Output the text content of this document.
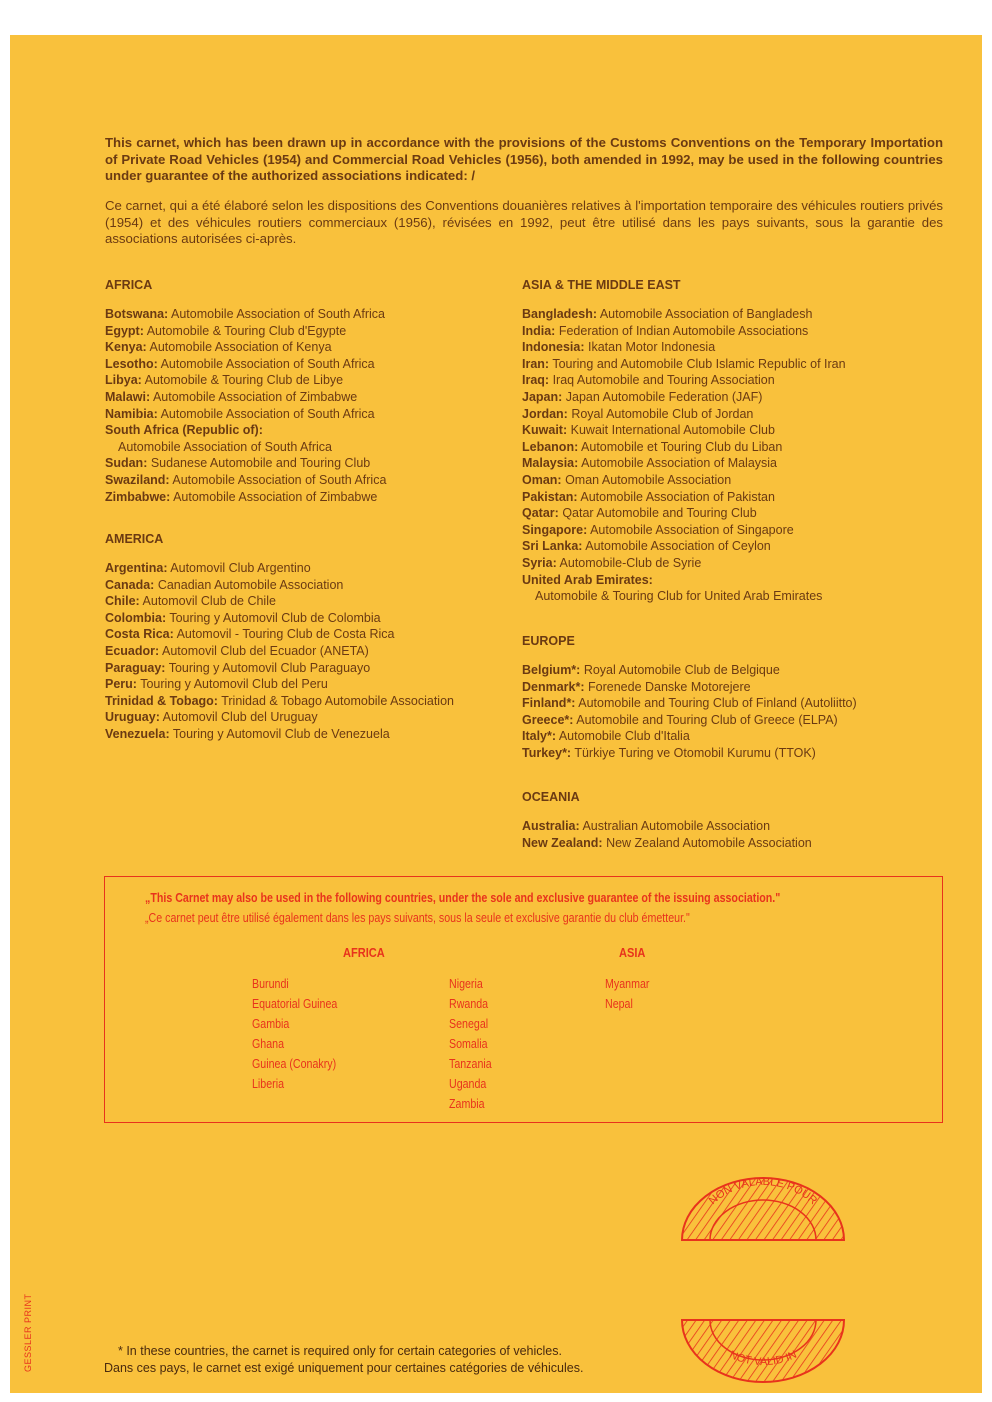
This carnet, which has been drawn up in accordance with the provisions of the Customs Conventions on the Temporary Importation of Private Road Vehicles (1954) and Commercial Road Vehicles (1956), both amended in 1992, may be used in the following countries under guarantee of the authorized associations indicated: /

Ce carnet, qui a été élaboré selon les dispositions des Conventions douanières relatives à l'importation temporaire des véhicules routiers privés (1954) et des véhicules routiers commerciaux (1956), révisées en 1992, peut être utilisé dans les pays suivants, sous la garantie des associations autorisées ci-après.

AFRICA
Botswana: Automobile Association of South Africa
Egypt: Automobile & Touring Club d'Egypte
Kenya: Automobile Association of Kenya
Lesotho: Automobile Association of South Africa
Libya: Automobile & Touring Club de Libye
Malawi: Automobile Association of Zimbabwe
Namibia: Automobile Association of South Africa
South Africa (Republic of):
Automobile Association of South Africa
Sudan: Sudanese Automobile and Touring Club
Swaziland: Automobile Association of South Africa
Zimbabwe: Automobile Association of Zimbabwe
AMERICA
Argentina: Automovil Club Argentino
Canada: Canadian Automobile Association
Chile: Automovil Club de Chile
Colombia: Touring y Automovil Club de Colombia
Costa Rica: Automovil - Touring Club de Costa Rica
Ecuador: Automovil Club del Ecuador (ANETA)
Paraguay: Touring y Automovil Club Paraguayo
Peru: Touring y Automovil Club del Peru
Trinidad & Tobago: Trinidad & Tobago Automobile Association
Uruguay: Automovil Club del Uruguay
Venezuela: Touring y Automovil Club de Venezuela
ASIA & THE MIDDLE EAST
Bangladesh: Automobile Association of Bangladesh
India: Federation of Indian Automobile Associations
Indonesia: Ikatan Motor Indonesia
Iran: Touring and Automobile Club Islamic Republic of Iran
Iraq: Iraq Automobile and Touring Association
Japan: Japan Automobile Federation (JAF)
Jordan: Royal Automobile Club of Jordan
Kuwait: Kuwait International Automobile Club
Lebanon: Automobile et Touring Club du Liban
Malaysia: Automobile Association of Malaysia
Oman: Oman Automobile Association
Pakistan: Automobile Association of Pakistan
Qatar: Qatar Automobile and Touring Club
Singapore: Automobile Association of Singapore
Sri Lanka: Automobile Association of Ceylon
Syria: Automobile-Club de Syrie
United Arab Emirates:
Automobile & Touring Club for United Arab Emirates
EUROPE
Belgium*: Royal Automobile Club de Belgique
Denmark*: Forenede Danske Motorejere
Finland*: Automobile and Touring Club of Finland (Autoliitto)
Greece*: Automobile and Touring Club of Greece (ELPA)
Italy*: Automobile Club d'Italia
Turkey*: Türkiye Turing ve Otomobil Kurumu (TTOK)
OCEANIA
Australia: Australian Automobile Association
New Zealand: New Zealand Automobile Association
„This Carnet may also be used in the following countries, under the sole and exclusive guarantee of the issuing association."
„Ce carnet peut être utilisé également dans les pays suivants, sous la seule et exclusive garantie du club émetteur."
AFRICA	ASIA
Burundi
Equatorial Guinea
Gambia
Ghana
Guinea (Conakry)
Liberia
Nigeria
Rwanda
Senegal
Somalia
Tanzania
Uganda
Zambia
Myanmar
Nepal
NON VALABLE POUR
NOT VALID IN
* In these countries, the carnet is required only for certain categories of vehicles.
Dans ces pays, le carnet est exigé uniquement pour certaines catégories de véhicules.
GESSLER PRINT
